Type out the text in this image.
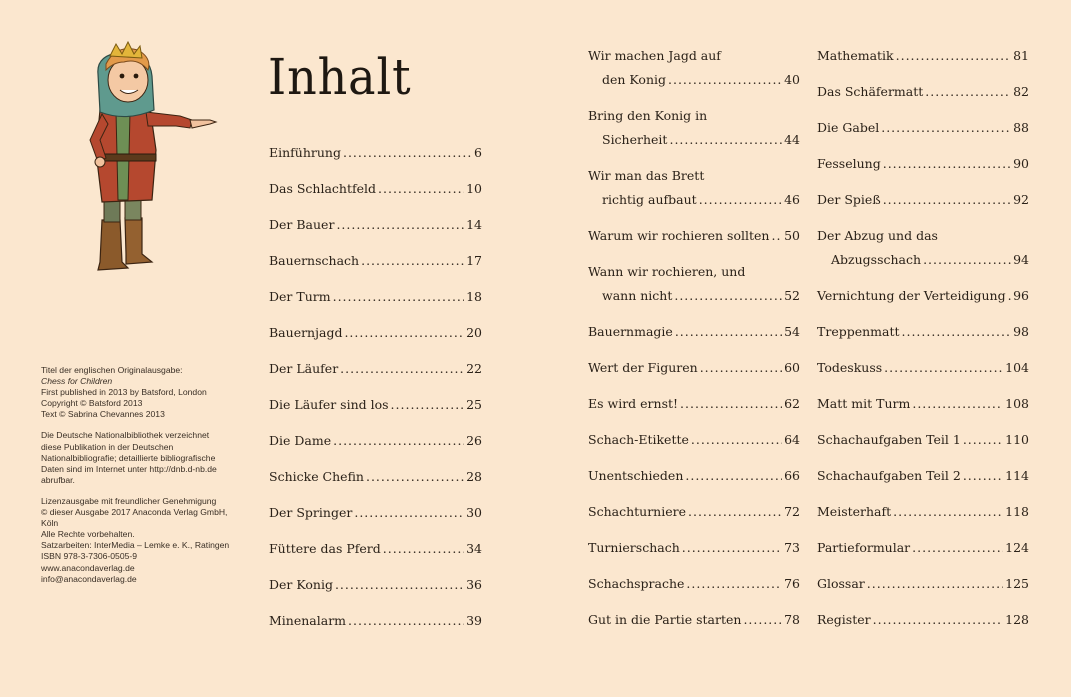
Inhalt

Titel der englischen Originalausgabe:
Chess for Children
First published in 2013 by Batsford, London
Copyright © Batsford 2013
Text © Sabrina Chevannes 2013

Die Deutsche Nationalbibliothek verzeichnet
diese Publikation in der Deutschen
Nationalbibliografie; detaillierte bibliografische
Daten sind im Internet unter http://dnb.d-nb.de
abrufbar.

Lizenzausgabe mit freundlicher Genehmigung
© dieser Ausgabe 2017 Anaconda Verlag GmbH,
Köln
Alle Rechte vorbehalten.
Satzarbeiten: InterMedia – Lemke e. K., Ratingen
ISBN 978-3-7306-0505-9
www.anacondaverlag.de
info@anacondaverlag.de

Einführung .....	6
Das Schlachtfeld .....	10
Der Bauer .....	14
Bauernschach .....	17
Der Turm .....	18
Bauernjagd .....	20
Der Läufer .....	22
Die Läufer sind los .....	25
Die Dame .....	26
Schicke Chefin .....	28
Der Springer .....	30
Füttere das Pferd .....	34
Der Konig .....	36
Minenalarm .....	39
Wir machen Jagd auf
den Konig .....	40
Bring den Konig in
Sicherheit .....	44
Wir man das Brett
richtig aufbaut .....	46
Warum wir rochieren sollten ..... 50
Wann wir rochieren, und
wann nicht .....	52
Bauernmagie .....	54
Wert der Figuren .....	60
Es wird ernst! .....	62
Schach-Etikette .....	64
Unentschieden .....	66
Schachturniere .....	72
Turnierschach .....	73
Schachsprache .....	76
Gut in die Partie starten .....	78
Mathematik .....	81
Das Schäfermatt .....	82
Die Gabel .....	88
Fesselung .....	90
Der Spieß .....	92
Der Abzug und das
Abzugsschach .....	94
Vernichtung der Verteidigung ..... 96
Treppenmatt .....	98
Todeskuss .....	104
Matt mit Turm .....	108
Schachaufgaben Teil 1 .....	110
Schachaufgaben Teil 2 .....	114
Meisterhaft .....	118
Partieformular .....	124
Glossar .....	125
Register .....	128
